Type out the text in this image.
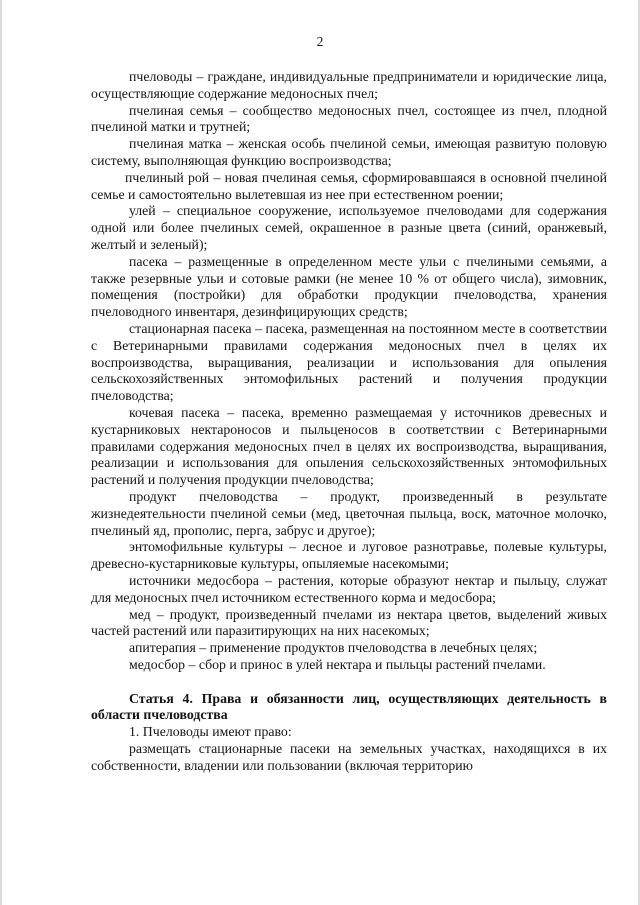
2

пчеловоды – граждане, индивидуальные предприниматели и юридические лица, осуществляющие содержание медоносных пчел;

пчелиная семья – сообщество медоносных пчел, состоящее из пчел, плодной пчелиной матки и трутней;

пчелиная матка – женская особь пчелиной семьи, имеющая развитую половую систему, выполняющая функцию воспроизводства;

пчелиный рой – новая пчелиная семья, сформировавшаяся в основной пчелиной семье и самостоятельно вылетевшая из нее при естественном роении;

улей – специальное сооружение, используемое пчеловодами для содержания одной или более пчелиных семей, окрашенное в разные цвета (синий, оранжевый, желтый и зеленый);

пасека – размещенные в определенном месте ульи с пчелиными семьями, а также резервные ульи и сотовые рамки (не менее 10 % от общего числа), зимовник, помещения (постройки) для обработки продукции пчеловодства, хранения пчеловодного инвентаря, дезинфицирующих средств;

стационарная пасека – пасека, размещенная на постоянном месте в соответствии с Ветеринарными правилами содержания медоносных пчел в целях их воспроизводства, выращивания, реализации и использования для опыления сельскохозяйственных энтомофильных растений и получения продукции пчеловодства;

кочевая пасека – пасека, временно размещаемая у источников древесных и кустарниковых нектароносов и пыльценосов в соответствии с Ветеринарными правилами содержания медоносных пчел в целях их воспроизводства, выращивания, реализации и использования для опыления сельскохозяйственных энтомофильных растений и получения продукции пчеловодства;

продукт пчеловодства – продукт, произведенный в результате жизнедеятельности пчелиной семьи (мед, цветочная пыльца, воск, маточное молочко, пчелиный яд, прополис, перга, забрус и другое);

энтомофильные культуры – лесное и луговое разнотравье, полевые культуры, древесно-кустарниковые культуры, опыляемые насекомыми;

источники медосбора – растения, которые образуют нектар и пыльцу, служат для медоносных пчел источником естественного корма и медосбора;

мед – продукт, произведенный пчелами из нектара цветов, выделений живых частей растений или паразитирующих на них насекомых;

апитерапия – применение продуктов пчеловодства в лечебных целях;

медосбор – сбор и принос в улей нектара и пыльцы растений пчелами.

Статья 4. Права и обязанности лиц, осуществляющих деятельность в области пчеловодства

1. Пчеловоды имеют право:

размещать стационарные пасеки на земельных участках, находящихся в их собственности, владении или пользовании (включая территорию
